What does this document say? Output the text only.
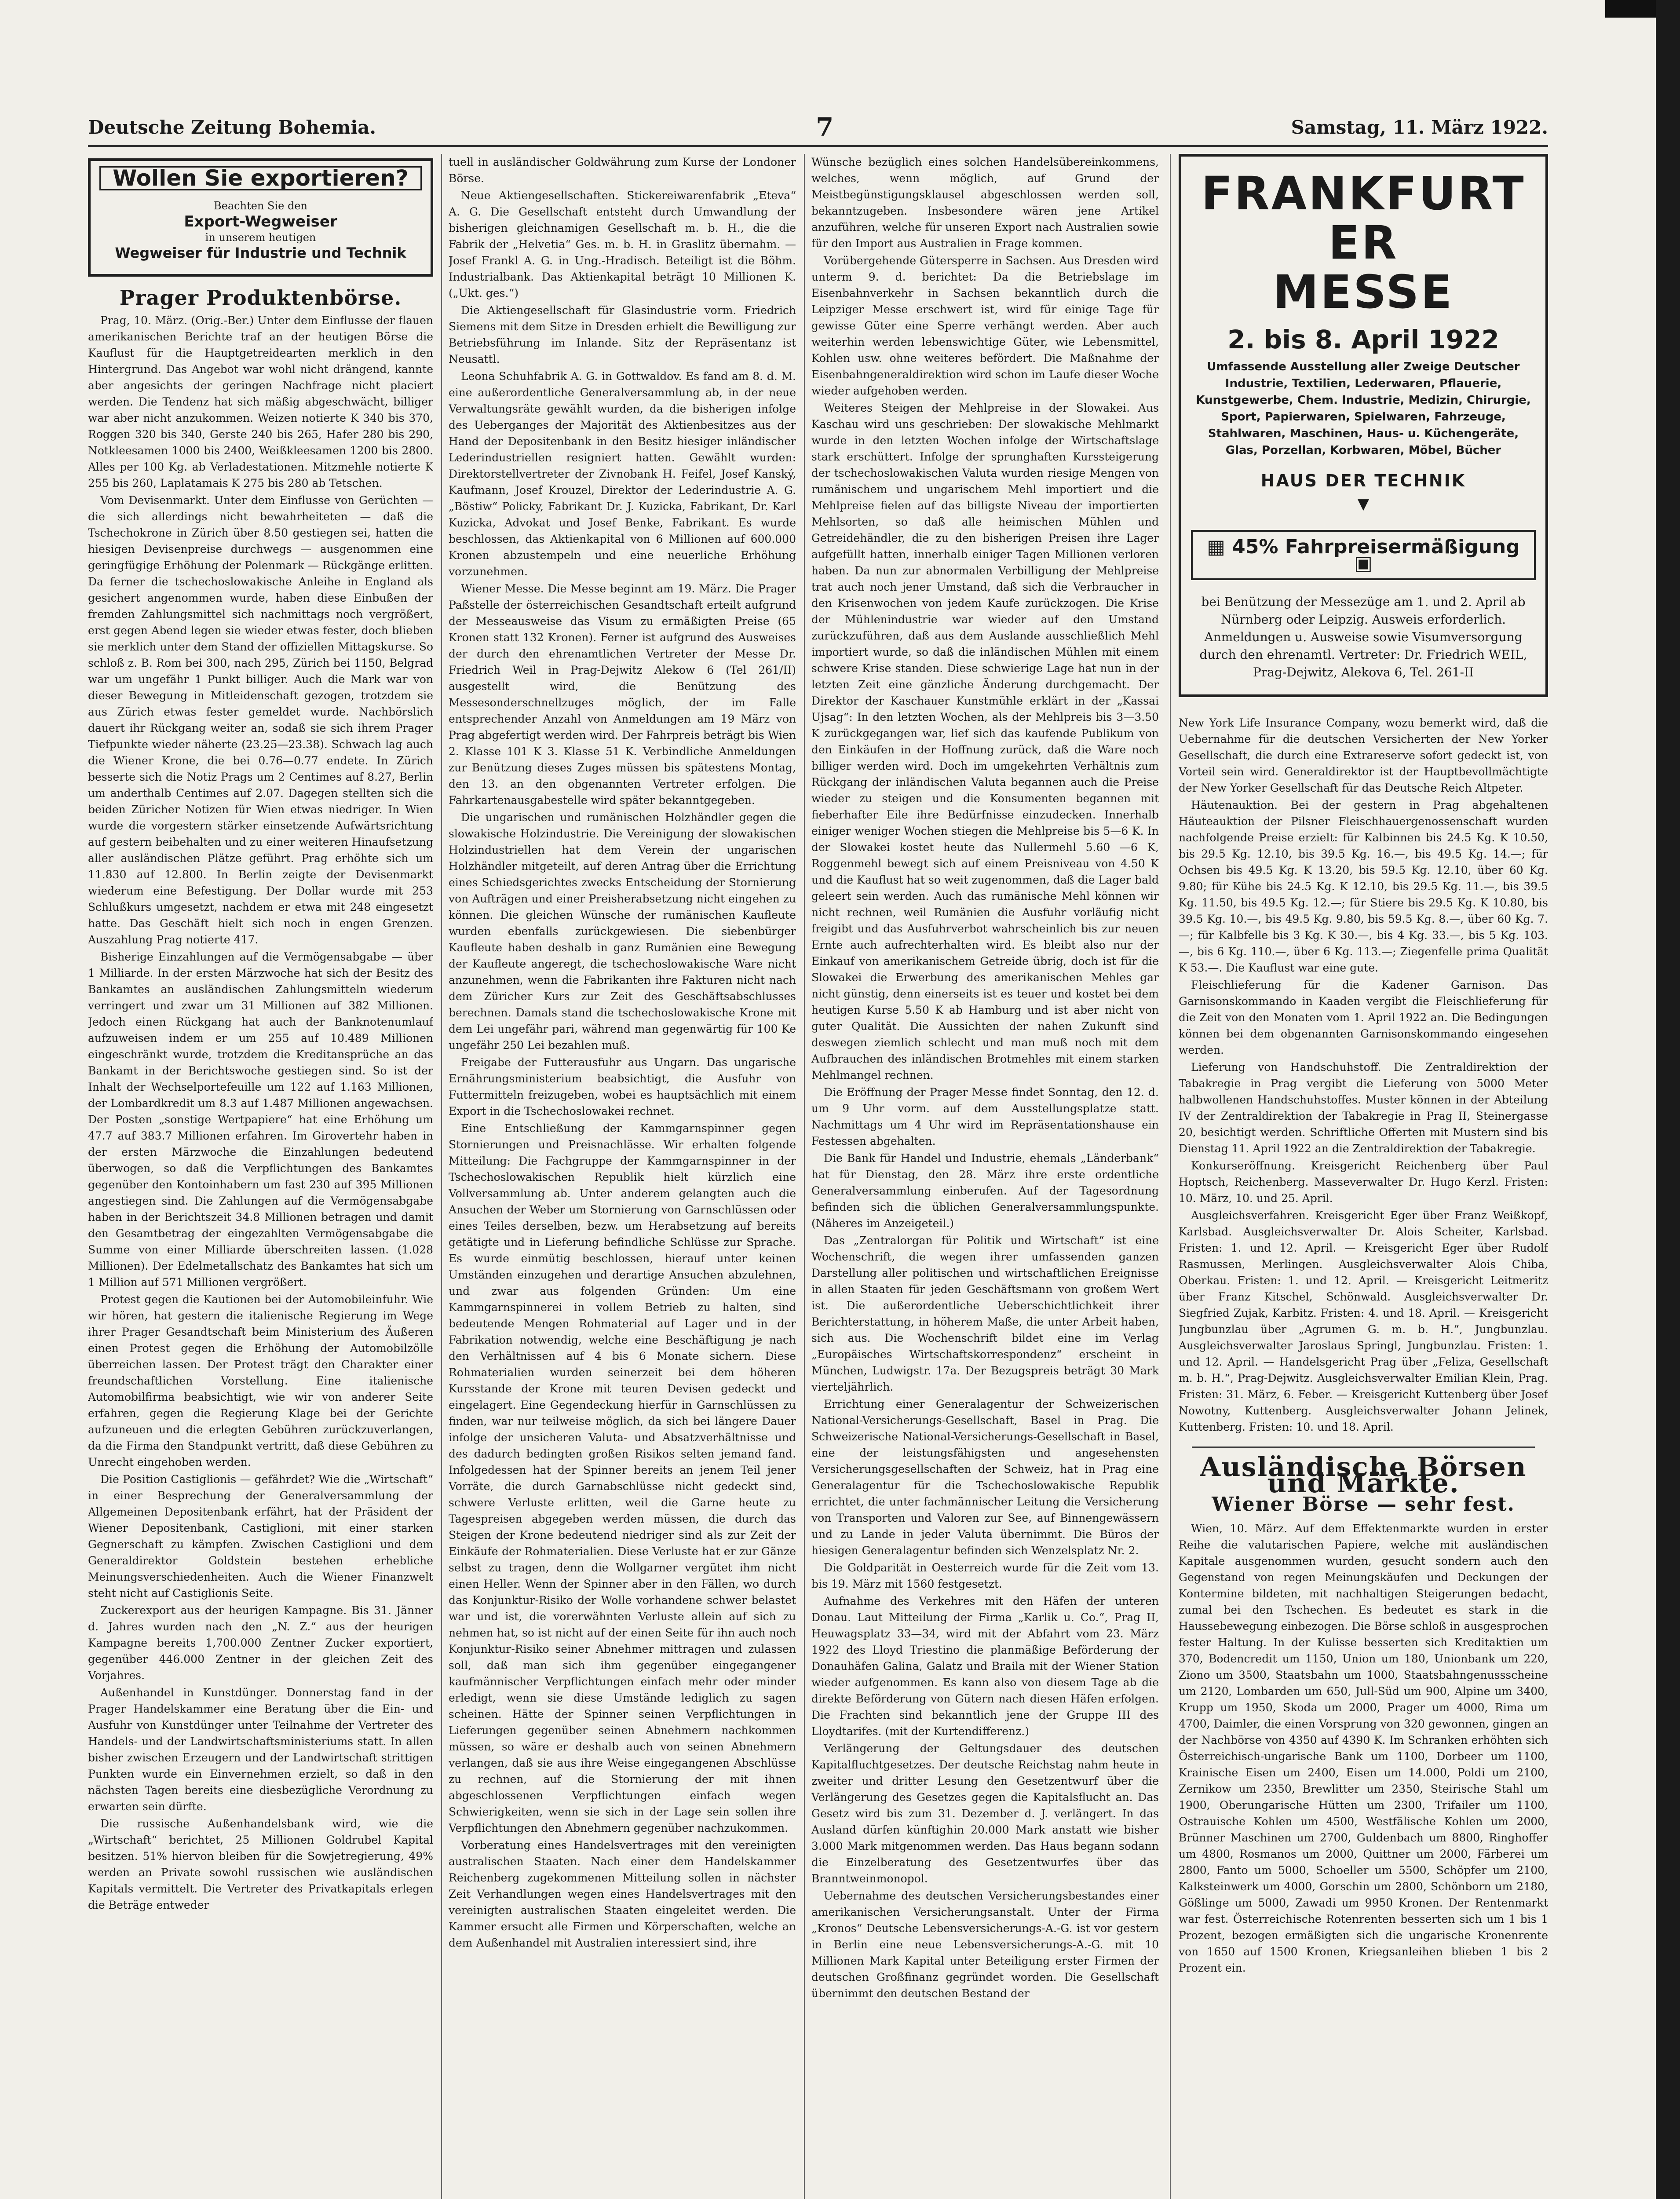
Deutsche Zeitung Bohemia.	7	Samstag, 11. März 1922.
Wollen Sie exportieren?
Beachten Sie den
Export-Wegweiser
in unserem heutigen
Wegweiser für Industrie und Technik
Prager Produktenbörse.

Prag, 10. März. (Orig.-Ber.) Unter dem Einflusse der flauen amerikanischen Berichte traf an der heutigen Börse die Kauflust für die Hauptgetreidearten merklich in den Hintergrund. Das Angebot war wohl nicht drängend, kannte aber angesichts der geringen Nachfrage nicht placiert werden. Die Tendenz hat sich mäßig abgeschwächt, billiger war aber nicht anzukommen. Weizen notierte K 340 bis 370, Roggen 320 bis 340, Gerste 240 bis 265, Hafer 280 bis 290, Notkleesamen 1000 bis 2400, Weißkleesamen 1200 bis 2800. Alles per 100 Kg. ab Verladestationen. Mitzmehle notierte K 255 bis 260, Laplatamais K 275 bis 280 ab Tetschen.

Vom Devisenmarkt. Unter dem Einflusse von Gerüchten — die sich allerdings nicht bewahrheiteten — daß die Tschechokrone in Zürich über 8.50 gestiegen sei, hatten die hiesigen Devisenpreise durchwegs — ausgenommen eine geringfügige Erhöhung der Polenmark — Rückgänge erlitten. Da ferner die tschechoslowakische Anleihe in England als gesichert angenommen wurde, haben diese Einbußen der fremden Zahlungsmittel sich nachmittags noch vergrößert, erst gegen Abend legen sie wieder etwas fester, doch blieben sie merklich unter dem Stand der offiziellen Mittagskurse. So schloß z. B. Rom bei 300, nach 295, Zürich bei 1150, Belgrad war um ungefähr 1 Punkt billiger. Auch die Mark war von dieser Bewegung in Mitleidenschaft gezogen, trotzdem sie aus Zürich etwas fester gemeldet wurde. Nachbörslich dauert ihr Rückgang weiter an, sodaß sie sich ihrem Prager Tiefpunkte wieder näherte (23.25—23.38). Schwach lag auch die Wiener Krone, die bei 0.76—0.77 endete. In Zürich besserte sich die Notiz Prags um 2 Centimes auf 8.27, Berlin um anderthalb Centimes auf 2.07. Dagegen stellten sich die beiden Züricher Notizen für Wien etwas niedriger. In Wien wurde die vorgestern stärker einsetzende Aufwärtsrichtung auf gestern beibehalten und zu einer weiteren Hinaufsetzung aller ausländischen Plätze geführt. Prag erhöhte sich um 11.830 auf 12.800. In Berlin zeigte der Devisenmarkt wiederum eine Befestigung. Der Dollar wurde mit 253 Schlußkurs umgesetzt, nachdem er etwa mit 248 eingesetzt hatte. Das Geschäft hielt sich noch in engen Grenzen. Auszahlung Prag notierte 417.

Bisherige Einzahlungen auf die Vermögensabgabe — über 1 Milliarde. In der ersten Märzwoche hat sich der Besitz des Bankamtes an ausländischen Zahlungsmitteln wiederum verringert und zwar um 31 Millionen auf 382 Millionen. Jedoch einen Rückgang hat auch der Banknotenumlauf aufzuweisen indem er um 255 auf 10.489 Millionen eingeschränkt wurde, trotzdem die Kreditansprüche an das Bankamt in der Berichtswoche gestiegen sind. So ist der Inhalt der Wechselportefeuille um 122 auf 1.163 Millionen, der Lombardkredit um 8.3 auf 1.487 Millionen angewachsen. Der Posten „sonstige Wertpapiere“ hat eine Erhöhung um 47.7 auf 383.7 Millionen erfahren. Im Girovertehr haben in der ersten Märzwoche die Einzahlungen bedeutend überwogen, so daß die Verpflichtungen des Bankamtes gegenüber den Kontoinhabern um fast 230 auf 395 Millionen angestiegen sind. Die Zahlungen auf die Vermögensabgabe haben in der Berichtszeit 34.8 Millionen betragen und damit den Gesamtbetrag der eingezahlten Vermögensabgabe die Summe von einer Milliarde überschreiten lassen. (1.028 Millionen). Der Edelmetallschatz des Bankamtes hat sich um 1 Million auf 571 Millionen vergrößert.

Protest gegen die Kautionen bei der Automobileinfuhr. Wie wir hören, hat gestern die italienische Regierung im Wege ihrer Prager Gesandtschaft beim Ministerium des Äußeren einen Protest gegen die Erhöhung der Automobilzölle überreichen lassen. Der Protest trägt den Charakter einer freundschaftlichen Vorstellung. Eine italienische Automobilfirmа beabsichtigt, wie wir von anderer Seite erfahren, gegen die Regierung Klage bei der Gerichte aufzuneuen und die erlegten Gebühren zurückzuverlangen, da die Firma den Standpunkt vertritt, daß diese Gebühren zu Unrecht eingehoben werden.

Die Position Castiglionis — gefährdet? Wie die „Wirtschaft“ in einer Besprechung der Generalversammlung der Allgemeinen Depositenbank erfährt, hat der Präsident der Wiener Depositenbank, Castiglioni, mit einer starken Gegnerschaft zu kämpfen. Zwischen Castiglioni und dem Generaldirektor Goldstein bestehen erhebliche Meinungsverschiedenheiten. Auch die Wiener Finanzwelt steht nicht auf Castiglionis Seite.

Zuckerexport aus der heurigen Kampagne. Bis 31. Jänner d. Jahres wurden nach den „N. Z.“ aus der heurigen Kampagne bereits 1,700.000 Zentner Zucker exportiert, gegenüber 446.000 Zentner in der gleichen Zeit des Vorjahres.

Außenhandel in Kunstdünger. Donnerstag fand in der Prager Handelskammer eine Beratung über die Ein- und Ausfuhr von Kunstdünger unter Teilnahme der Vertreter des Handels- und der Landwirtschaftsministeriums statt. In allen bisher zwischen Erzeugern und der Landwirtschaft strittigen Punkten wurde ein Einvernehmen erzielt, so daß in den nächsten Tagen bereits eine diesbezügliche Verordnung zu erwarten sein dürfte.

Die russische Außenhandelsbank wird, wie die „Wirtschaft“ berichtet, 25 Millionen Goldrubel Kapital besitzen. 51% hiervon bleiben für die Sowjetregierung, 49% werden an Private sowohl russischen wie ausländischen Kapitals vermittelt. Die Vertreter des Privatkapitals erlegen die Beträge entweder

tuell in ausländischer Goldwährung zum Kurse der Londoner Börse.

Neue Aktiengesellschaften. Stickereiwarenfabrik „Eteva“ A. G. Die Gesellschaft entsteht durch Umwandlung der bisherigen gleichnamigen Gesellschaft m. b. H., die die Fabrik der „Helvetia“ Ges. m. b. H. in Graslitz übernahm. — Josef Frankl A. G. in Ung.-Hradisch. Beteiligt ist die Böhm. Industrialbank. Das Aktienkapital beträgt 10 Millionen K. („Ukt. ges.“)

Die Aktiengesellschaft für Glasindustrie vorm. Friedrich Siemens mit dem Sitze in Dresden erhielt die Bewilligung zur Betriebsführung im Inlande. Sitz der Repräsentanz ist Neusattl.

Leona Schuhfabrik A. G. in Gottwaldov. Es fand am 8. d. M. eine außerordentliche Generalversammlung ab, in der neue Verwaltungsräte gewählt wurden, da die bisherigen infolge des Ueberganges der Majorität des Aktienbesitzes aus der Hand der Depositenbank in den Besitz hiesiger inländischer Lederindustriellen resigniert hatten. Gewählt wurden: Direktorstellvertreter der Zivnobank H. Feifel, Josef Kanský, Kaufmann, Josef Krouzel, Direktor der Lederindustrie A. G. „Böstiw“ Policky, Fabrikant Dr. J. Kuzicka, Fabrikant, Dr. Karl Kuzicka, Advokat und Josef Benke, Fabrikant. Es wurde beschlossen, das Aktienkapital von 6 Millionen auf 600.000 Kronen abzustempeln und eine neuerliche Erhöhung vorzunehmen.

Wiener Messe. Die Messe beginnt am 19. März. Die Prager Paßstelle der österreichischen Gesandtschaft erteilt aufgrund der Messeausweise das Visum zu ermäßigten Preise (65 Kronen statt 132 Kronen). Ferner ist aufgrund des Ausweises der durch den ehrenamtlichen Vertreter der Messe Dr. Friedrich Weil in Prag-Dejwitz Alekow 6 (Tel 261/II) ausgestellt wird, die Benützung des Messesonderschnellzuges möglich, der im Falle entsprechender Anzahl von Anmeldungen am 19 März von Prag abgefertigt werden wird. Der Fahrpreis beträgt bis Wien 2. Klasse 101 K 3. Klasse 51 K. Verbindliche Anmeldungen zur Benützung dieses Zuges müssen bis spätestens Montag, den 13. an den obgenannten Vertreter erfolgen. Die Fahrkartenausgabestelle wird später bekanntgegeben.

Die ungarischen und rumänischen Holzhändler gegen die slowakische Holzindustrie. Die Vereinigung der slowakischen Holzindustriellen hat dem Verein der ungarischen Holzhändler mitgeteilt, auf deren Antrag über die Errichtung eines Schiedsgerichtes zwecks Entscheidung der Stornierung von Aufträgen und einer Preisherabsetzung nicht eingehen zu können. Die gleichen Wünsche der rumänischen Kaufleute wurden ebenfalls zurückgewiesen. Die siebenbürger Kaufleute haben deshalb in ganz Rumänien eine Bewegung der Kaufleute angeregt, die tschechoslowakische Ware nicht anzunehmen, wenn die Fabrikanten ihre Fakturen nicht nach dem Züricher Kurs zur Zeit des Geschäftsabschlusses berechnen. Damals stand die tschechoslowakische Krone mit dem Lei ungefähr pari, während man gegenwärtig für 100 Ke ungefähr 250 Lei bezahlen muß.

Freigabe der Futterausfuhr aus Ungarn. Das ungarische Ernährungsministerium beabsichtigt, die Ausfuhr von Futtermitteln freizugeben, wobei es hauptsächlich mit einem Export in die Tschechoslowakei rechnet.

Eine Entschließung der Kammgarnspinner gegen Stornierungen und Preisnachlässe. Wir erhalten folgende Mitteilung: Die Fachgruppe der Kammgarnspinner in der Tschechoslowakischen Republik hielt kürzlich eine Vollversammlung ab. Unter anderem gelangten auch die Ansuchen der Weber um Stornierung von Garnschlüssen oder eines Teiles derselben, bezw. um Herabsetzung auf bereits getätigte und in Lieferung befindliche Schlüsse zur Sprache. Es wurde einmütig beschlossen, hierauf unter keinen Umständen einzugehen und derartige Ansuchen abzulehnen, und zwar aus folgenden Gründen: Um eine Kammgarnspinnerei in vollem Betrieb zu halten, sind bedeutende Mengen Rohmaterial auf Lager und in der Fabrikation notwendig, welche eine Beschäftigung je nach den Verhältnissen auf 4 bis 6 Monate sichern. Diese Rohmaterialien wurden seinerzeit bei dem höheren Kursstande der Krone mit teuren Devisen gedeckt und eingelagert. Eine Gegendeckung hierfür in Garnschlüssen zu finden, war nur teilweise möglich, da sich bei längere Dauer infolge der unsicheren Valuta- und Absatzverhältnisse und des dadurch bedingten großen Risikos selten jemand fand. Infolgedessen hat der Spinner bereits an jenem Teil jener Vorräte, die durch Garnabschlüsse nicht gedeckt sind, schwere Verluste erlitten, weil die Garne heute zu Tagespreisen abgegeben werden müssen, die durch das Steigen der Krone bedeutend niedriger sind als zur Zeit der Einkäufe der Rohmaterialien. Diese Verluste hat er zur Gänze selbst zu tragen, denn die Wollgarner vergütet ihm nicht einen Heller. Wenn der Spinner aber in den Fällen, wo durch das Konjunktur-Risiko der Wolle vorhandene schwer belastet war und ist, die vorerwähnten Verluste allein auf sich zu nehmen hat, so ist nicht auf der einen Seite für ihn auch noch Konjunktur-Risiko seiner Abnehmer mittragen und zulassen soll, daß man sich ihm gegenüber eingegangener kaufmännischer Verpflichtungen einfach mehr oder minder erledigt, wenn sie diese Umstände lediglich zu sagen scheinen. Hätte der Spinner seinen Verpflichtungen in Lieferungen gegenüber seinen Abnehmern nachkommen müssen, so wäre er deshalb auch von seinen Abnehmern verlangen, daß sie aus ihre Weise eingegangenen Abschlüsse zu rechnen, auf die Stornierung der mit ihnen abgeschlossenen Verpflichtungen einfach wegen Schwierigkeiten, wenn sie sich in der Lage sein sollen ihre Verpflichtungen den Abnehmern gegenüber nachzukommen.

Vorberatung eines Handelsvertrages mit den vereinigten australischen Staaten. Nach einer dem Handelskammer Reichenberg zugekommenen Mitteilung sollen in nächster Zeit Verhandlungen wegen eines Handelsvertrages mit den vereinigten australischen Staaten eingeleitet werden. Die Kammer ersucht alle Firmen und Körperschaften, welche an dem Außenhandel mit Australien interessiert sind, ihre

Wünsche bezüglich eines solchen Handelsübereinkommens, welches, wenn möglich, auf Grund der Meistbegünstigungsklausel abgeschlossen werden soll, bekanntzugeben. Insbesondere wären jene Artikel anzuführen, welche für unseren Export nach Australien sowie für den Import aus Australien in Frage kommen.

Vorübergehende Gütersperre in Sachsen. Aus Dresden wird unterm 9. d. berichtet: Da die Betriebslage im Eisenbahnverkehr in Sachsen bekanntlich durch die Leipziger Messe erschwert ist, wird für einige Tage für gewisse Güter eine Sperre verhängt werden. Aber auch weiterhin werden lebenswichtige Güter, wie Lebensmittel, Kohlen usw. ohne weiteres befördert. Die Maßnahme der Eisenbahngeneraldirektion wird schon im Laufe dieser Woche wieder aufgehoben werden.

Weiteres Steigen der Mehlpreise in der Slowakei. Aus Kaschau wird uns geschrieben: Der slowakische Mehlmarkt wurde in den letzten Wochen infolge der Wirtschaftslage stark erschüttert. Infolge der sprunghaften Kurssteigerung der tschechoslowakischen Valuta wurden riesige Mengen von rumänischem und ungarischem Mehl importiert und die Mehlpreise fielen auf das billigste Niveau der importierten Mehlsorten, so daß alle heimischen Mühlen und Getreidehändler, die zu den bisherigen Preisen ihre Lager aufgefüllt hatten, innerhalb einiger Tagen Millionen verloren haben. Da nun zur abnormalen Verbilligung der Mehlpreise trat auch noch jener Umstand, daß sich die Verbraucher in den Krisenwochen von jedem Kaufe zurückzogen. Die Krise der Mühlenindustrie war wieder auf den Umstand zurückzuführen, daß aus dem Auslande ausschließlich Mehl importiert wurde, so daß die inländischen Mühlen mit einem schwere Krise standen. Diese schwierige Lage hat nun in der letzten Zeit eine gänzliche Änderung durchgemacht. Der Direktor der Kaschauer Kunstmühle erklärt in der „Kassai Ujsag“: In den letzten Wochen, als der Mehlpreis bis 3—3.50 K zurückgegangen war, lief sich das kaufende Publikum von den Einkäufen in der Hoffnung zurück, daß die Ware noch billiger werden wird. Doch im umgekehrten Verhältnis zum Rückgang der inländischen Valuta begannen auch die Preise wieder zu steigen und die Konsumenten begannen mit fieberhafter Eile ihre Bedürfnisse einzudecken. Innerhalb einiger weniger Wochen stiegen die Mehlpreise bis 5—6 K. In der Slowakei kostet heute das Nullermehl 5.60 —6 K, Roggenmehl bewegt sich auf einem Preisniveau von 4.50 K und die Kauflust hat so weit zugenommen, daß die Lager bald geleert sein werden. Auch das rumänische Mehl können wir nicht rechnen, weil Rumänien die Ausfuhr vorläufig nicht freigibt und das Ausfuhrverbot wahrscheinlich bis zur neuen Ernte auch aufrechterhalten wird. Es bleibt also nur der Einkauf von amerikanischem Getreide übrig, doch ist für die Slowakei die Erwerbung des amerikanischen Mehles gar nicht günstig, denn einerseits ist es teuer und kostet bei dem heutigen Kurse 5.50 K ab Hamburg und ist aber nicht von guter Qualität. Die Aussichten der nahen Zukunft sind deswegen ziemlich schlecht und man muß noch mit dem Aufbrauchen des inländischen Brotmehles mit einem starken Mehlmangel rechnen.

Die Eröffnung der Prager Messe findet Sonntag, den 12. d. um 9 Uhr vorm. auf dem Ausstellungsplatze statt. Nachmittags um 4 Uhr wird im Repräsentationshause ein Festessen abgehalten.

Die Bank für Handel und Industrie, ehemals „Länderbank“ hat für Dienstag, den 28. März ihre erste ordentliche Generalversammlung einberufen. Auf der Tagesordnung befinden sich die üblichen Generalversammlungspunkte. (Näheres im Anzeigeteil.)

Das „Zentralorgan für Politik und Wirtschaft“ ist eine Wochenschrift, die wegen ihrer umfassenden ganzen Darstellung aller politischen und wirtschaftlichen Ereignisse in allen Staaten für jeden Geschäftsmann von großem Wert ist. Die außerordentliche Ueberschichtlichkeit ihrer Berichterstattung, in höherem Maße, die unter Arbeit haben, sich aus. Die Wochenschrift bildet eine im Verlag „Europäisches Wirtschaftskorrespondenz“ erscheint in München, Ludwigstr. 17a. Der Bezugspreis beträgt 30 Mark vierteljährlich.

Errichtung einer Generalagentur der Schweizerischen National-Versicherungs-Gesellschaft, Basel in Prag. Die Schweizerische National-Versicherungs-Gesellschaft in Basel, eine der leistungsfähigsten und angesehensten Versicherungsgesellschaften der Schweiz, hat in Prag eine Generalagentur für die Tschechoslowakische Republik errichtet, die unter fachmännischer Leitung die Versicherung von Transporten und Valoren zur See, auf Binnengewässern und zu Lande in jeder Valuta übernimmt. Die Büros der hiesigen Generalagentur befinden sich Wenzelsplatz Nr. 2.

Die Goldparität in Oesterreich wurde für die Zeit vom 13. bis 19. März mit 1560 festgesetzt.

Aufnahme des Verkehres mit den Häfen der unteren Donau. Laut Mitteilung der Firma „Karlik u. Co.“, Prag II, Heuwagsplatz 33—34, wird mit der Abfahrt vom 23. März 1922 des Lloyd Triestino die planmäßige Beförderung der Donauhäfen Galina, Galatz und Braila mit der Wiener Station wieder aufgenommen. Es kann also von diesem Tage ab die direkte Beförderung von Gütern nach diesen Häfen erfolgen. Die Frachten sind bekanntlich jene der Gruppe III des Lloydtarifes. (mit der Kurtendifferenz.)

Verlängerung der Geltungsdauer des deutschen Kapitalfluchtgesetzes. Der deutsche Reichstag nahm heute in zweiter und dritter Lesung den Gesetzentwurf über die Verlängerung des Gesetzes gegen die Kapitalsflucht an. Das Gesetz wird bis zum 31. Dezember d. J. verlängert. In das Ausland dürfen künftighin 20.000 Mark anstatt wie bisher 3.000 Mark mitgenommen werden. Das Haus begann sodann die Einzelberatung des Gesetzentwurfes über das Branntweinmonopol.

Uebernahme des deutschen Versicherungsbestandes einer amerikanischen Versicherungsanstalt. Unter der Firma „Kronos“ Deutsche Lebensversicherungs-A.-G. ist vor gestern in Berlin eine neue Lebensversicherungs-A.-G. mit 10 Millionen Mark Kapital unter Beteiligung erster Firmen der deutschen Großfinanz gegründet worden. Die Gesellschaft übernimmt den deutschen Bestand der

FRANKFURTER
MESSE
2. bis 8. April 1922
Umfassende Ausstellung aller Zweige Deutscher Industrie, Textilien, Lederwaren, Pflauerie, Kunstgewerbe, Chem. Industrie, Medizin, Chirurgie, Sport, Papierwaren, Spielwaren, Fahrzeuge, Stahlwaren, Maschinen, Haus- u. Küchengeräte, Glas, Porzellan, Korbwaren, Möbel, Bücher
HAUS DER TECHNIK
▼
▦ 45% Fahrpreisermäßigung ▣
bei Benützung der Messezüge am 1. und 2. April ab Nürnberg oder Leipzig. Ausweis erforderlich. Anmeldungen u. Ausweise sowie Visumversorgung durch den ehrenamtl. Vertreter: Dr. Friedrich WEIL, Prag-Dejwitz, Alekova 6, Tel. 261-II

New York Life Insurance Company, wozu bemerkt wird, daß die Uebernahme für die deutschen Versicherten der New Yorker Gesellschaft, die durch eine Extrareserve sofort gedeckt ist, von Vorteil sein wird. Generaldirektor ist der Hauptbevollmächtigte der New Yorker Gesellschaft für das Deutsche Reich Altpeter.

Häutenauktion. Bei der gestern in Prag abgehaltenen Häuteauktion der Pilsner Fleischhauergenossenschaft wurden nachfolgende Preise erzielt: für Kalbinnen bis 24.5 Kg. K 10.50, bis 29.5 Kg. 12.10, bis 39.5 Kg. 16.—, bis 49.5 Kg. 14.—; für Ochsen bis 49.5 Kg. K 13.20, bis 59.5 Kg. 12.10, über 60 Kg. 9.80; für Kühe bis 24.5 Kg. K 12.10, bis 29.5 Kg. 11.—, bis 39.5 Kg. 11.50, bis 49.5 Kg. 12.—; für Stiere bis 29.5 Kg. K 10.80, bis 39.5 Kg. 10.—, bis 49.5 Kg. 9.80, bis 59.5 Kg. 8.—, über 60 Kg. 7.—; für Kalbfelle bis 3 Kg. K 30.—, bis 4 Kg. 33.—, bis 5 Kg. 103.—, bis 6 Kg. 110.—, über 6 Kg. 113.—; Ziegenfelle prima Qualität K 53.—. Die Kauflust war eine gute.

Fleischlieferung für die Kadener Garnison. Das Garnisonskommando in Kaaden vergibt die Fleischlieferung für die Zeit von den Monaten vom 1. April 1922 an. Die Bedingungen können bei dem obgenannten Garnisonskommando eingesehen werden.

Lieferung von Handschuhstoff. Die Zentraldirektion der Tabakregie in Prag vergibt die Lieferung von 5000 Meter halbwollenen Handschuhstoffes. Muster können in der Abteilung IV der Zentraldirektion der Tabakregie in Prag II, Steinergasse 20, besichtigt werden. Schriftliche Offerten mit Mustern sind bis Dienstag 11. April 1922 an die Zentraldirektion der Tabakregie.

Konkurseröffnung. Kreisgericht Reichenberg über Paul Hoptsch, Reichenberg. Masseverwalter Dr. Hugo Kerzl. Fristen: 10. März, 10. und 25. April.

Ausgleichsverfahren. Kreisgericht Eger über Franz Weißkopf, Karlsbad. Ausgleichsverwalter Dr. Alois Scheiter, Karlsbad. Fristen: 1. und 12. April. — Kreisgericht Eger über Rudolf Rasmussen, Merlingen. Ausgleichsverwalter Alois Chiba, Oberkau. Fristen: 1. und 12. April. — Kreisgericht Leitmeritz über Franz Kitschel, Schönwald. Ausgleichsverwalter Dr. Siegfried Zujak, Karbitz. Fristen: 4. und 18. April. — Kreisgericht Jungbunzlau über „Agrumen G. m. b. H.“, Jungbunzlau. Ausgleichsverwalter Jaroslaus Springl, Jungbunzlau. Fristen: 1. und 12. April. — Handelsgericht Prag über „Feliza, Gesellschaft m. b. H.“, Prag-Dejwitz. Ausgleichsverwalter Emilian Klein, Prag. Fristen: 31. März, 6. Feber. — Kreisgericht Kuttenberg über Josef Nowotny, Kuttenberg. Ausgleichsverwalter Johann Jelinek, Kuttenberg. Fristen: 10. und 18. April.

Ausländische Börsen und Märkte.
Wiener Börse — sehr fest.

Wien, 10. März. Auf dem Effektenmarkte wurden in erster Reihe die valutarischen Papiere, welche mit ausländischen Kapitale ausgenommen wurden, gesucht sondern auch den Gegenstand von regen Meinungskäufen und Deckungen der Kontermine bildeten, mit nachhaltigen Steigerungen bedacht, zumal bei den Tschechen. Es bedeutet es stark in die Haussebewegung einbezogen. Die Börse schloß in ausgesprochen fester Haltung. In der Kulisse besserten sich Kreditaktien um 370, Bodencredit um 1150, Union um 180, Unionbank um 220, Ziono um 3500, Staatsbahn um 1000, Staatsbahngenussscheine um 2120, Lombarden um 650, Jull-Süd um 900, Alpine um 3400, Krupp um 1950, Skoda um 2000, Prager um 4000, Rima um 4700, Daimler, die einen Vorsprung von 320 gewonnen, gingen an der Nachbörse von 4350 auf 4390 K. Im Schranken erhöhten sich Österreichisch-ungarische Bank um 1100, Dorbeer um 1100, Krainische Eisen um 2400, Eisen um 14.000, Poldi um 2100, Zernikow um 2350, Brewlitter um 2350, Steirische Stahl um 1900, Oberungarische Hütten um 2300, Trifailer um 1100, Ostrauische Kohlen um 4500, Westfälische Kohlen um 2000, Brünner Maschinen um 2700, Guldenbach um 8800, Ringhoffer um 4800, Rosmanos um 2000, Quittner um 2000, Färberei um 2800, Fanto um 5000, Schoeller um 5500, Schöpfer um 2100, Kalksteinwerk um 4000, Gorschin um 2800, Schönborn um 2180, Gößlinge um 5000, Zawadi um 9950 Kronen. Der Rentenmarkt war fest. Österreichische Rotenrenten besserten sich um 1 bis 1 Prozent, bezogen ermäßigten sich die ungarische Kronenrente von 1650 auf 1500 Kronen, Kriegsanleihen blieben 1 bis 2 Prozent ein.
